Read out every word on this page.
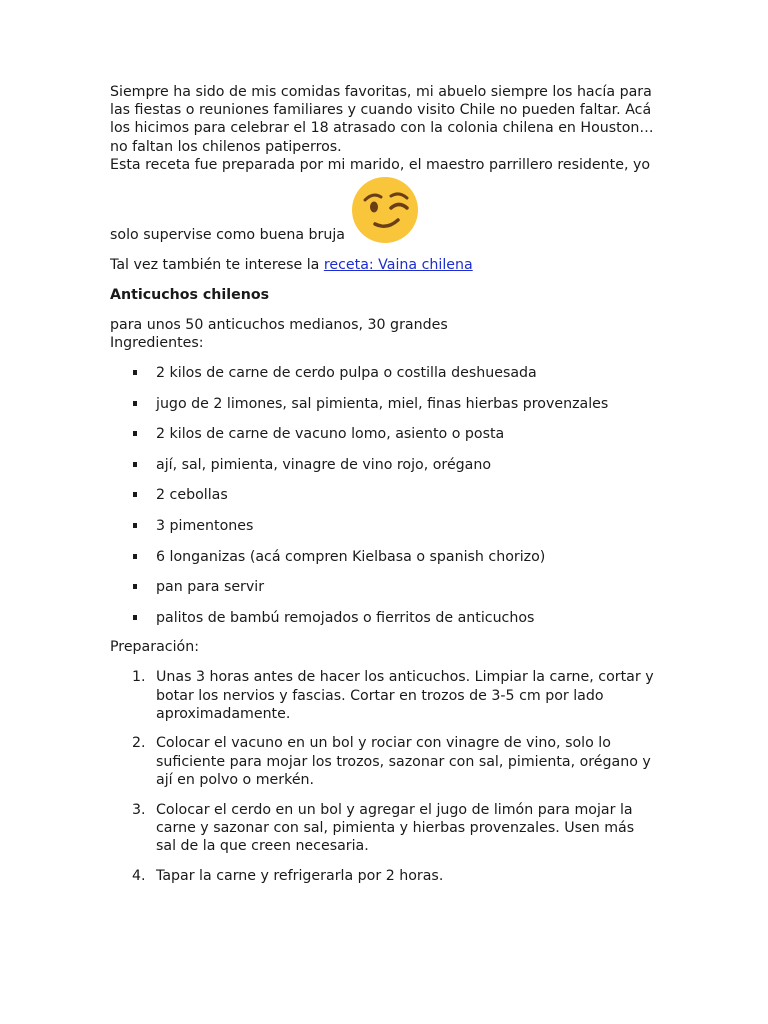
Siempre ha sido de mis comidas favoritas, mi abuelo siempre los hacía para
las fiestas o reuniones familiares y cuando visito Chile no pueden faltar. Acá
los hicimos para celebrar el 18 atrasado con la colonia chilena en Houston…
no faltan los chilenos patiperros.
Esta receta fue preparada por mi marido, el maestro parrillero residente, yo

solo supervise como buena bruja

Tal vez también te interese la receta: Vaina chilena

Anticuchos chilenos

para unos 50 anticuchos medianos, 30 grandes
Ingredientes:

2 kilos de carne de cerdo pulpa o costilla deshuesada
jugo de 2 limones, sal pimienta, miel, finas hierbas provenzales
2 kilos de carne de vacuno lomo, asiento o posta
ají, sal, pimienta, vinagre de vino rojo, orégano
2 cebollas
3 pimentones
6 longanizas (acá compren Kielbasa o spanish chorizo)
pan para servir
palitos de bambú remojados o fierritos de anticuchos

Preparación:

1. Unas 3 horas antes de hacer los anticuchos. Limpiar la carne, cortar y
botar los nervios y fascias. Cortar en trozos de 3-5 cm por lado
aproximadamente.
2. Colocar el vacuno en un bol y rociar con vinagre de vino, solo lo
suficiente para mojar los trozos, sazonar con sal, pimienta, orégano y
ají en polvo o merkén.
3. Colocar el cerdo en un bol y agregar el jugo de limón para mojar la
carne y sazonar con sal, pimienta y hierbas provenzales. Usen más
sal de la que creen necesaria.
4. Tapar la carne y refrigerarla por 2 horas.
